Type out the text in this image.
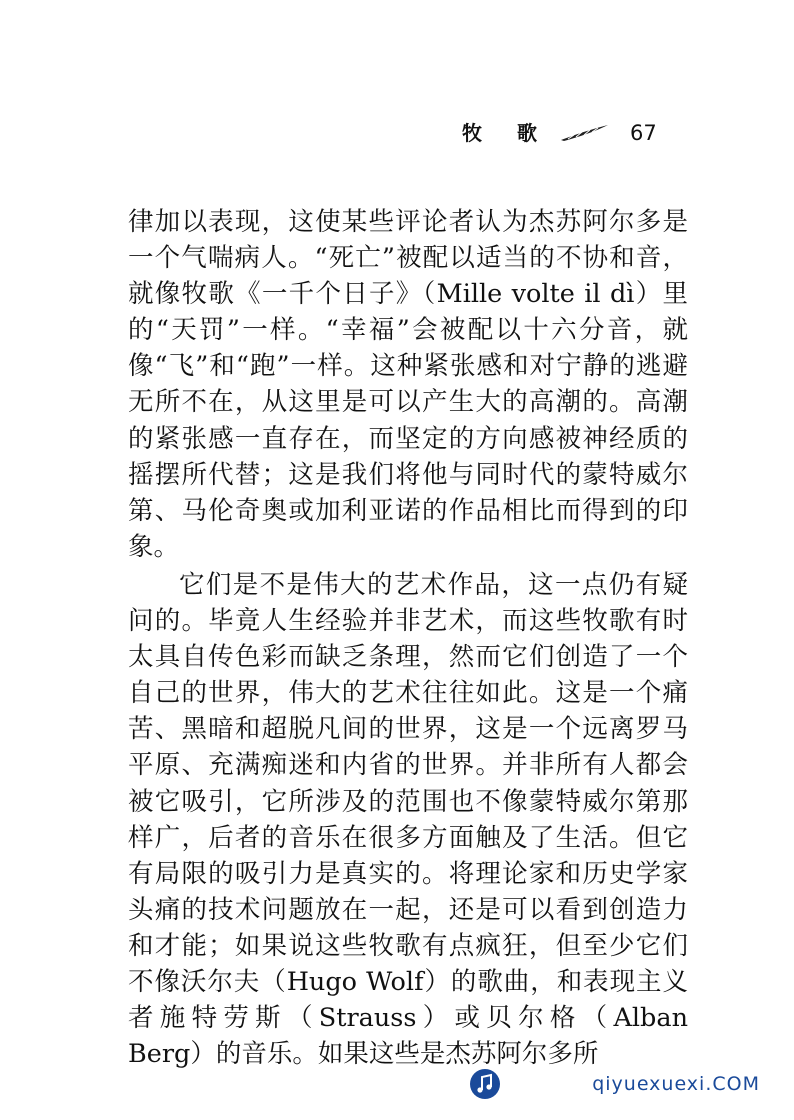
牧 歌	67

律加以表现，这使某些评论者认为杰苏阿尔多是一个气喘病人。“死亡”被配以适当的不协和音，就像牧歌《一千个日子》（Mille volte il dì）里的“天罚”一样。“幸福”会被配以十六分音，就像“飞”和“跑”一样。这种紧张感和对宁静的逃避无所不在，从这里是可以产生大的高潮的。高潮的紧张感一直存在，而坚定的方向感被神经质的摇摆所代替；这是我们将他与同时代的蒙特威尔第、马伦奇奥或加利亚诺的作品相比而得到的印象。

它们是不是伟大的艺术作品，这一点仍有疑问的。毕竟人生经验并非艺术，而这些牧歌有时太具自传色彩而缺乏条理，然而它们创造了一个自己的世界，伟大的艺术往往如此。这是一个痛苦、黑暗和超脱凡间的世界，这是一个远离罗马平原、充满痴迷和内省的世界。并非所有人都会被它吸引，它所涉及的范围也不像蒙特威尔第那样广，后者的音乐在很多方面触及了生活。但它有局限的吸引力是真实的。将理论家和历史学家头痛的技术问题放在一起，还是可以看到创造力和才能；如果说这些牧歌有点疯狂，但至少它们不像沃尔夫（Hugo Wolf）的歌曲，和表现主义者施特劳斯（Strauss）或贝尔格（Alban Berg）的音乐。如果这些是杰苏阿尔多所

qiyuexuexi.COM
